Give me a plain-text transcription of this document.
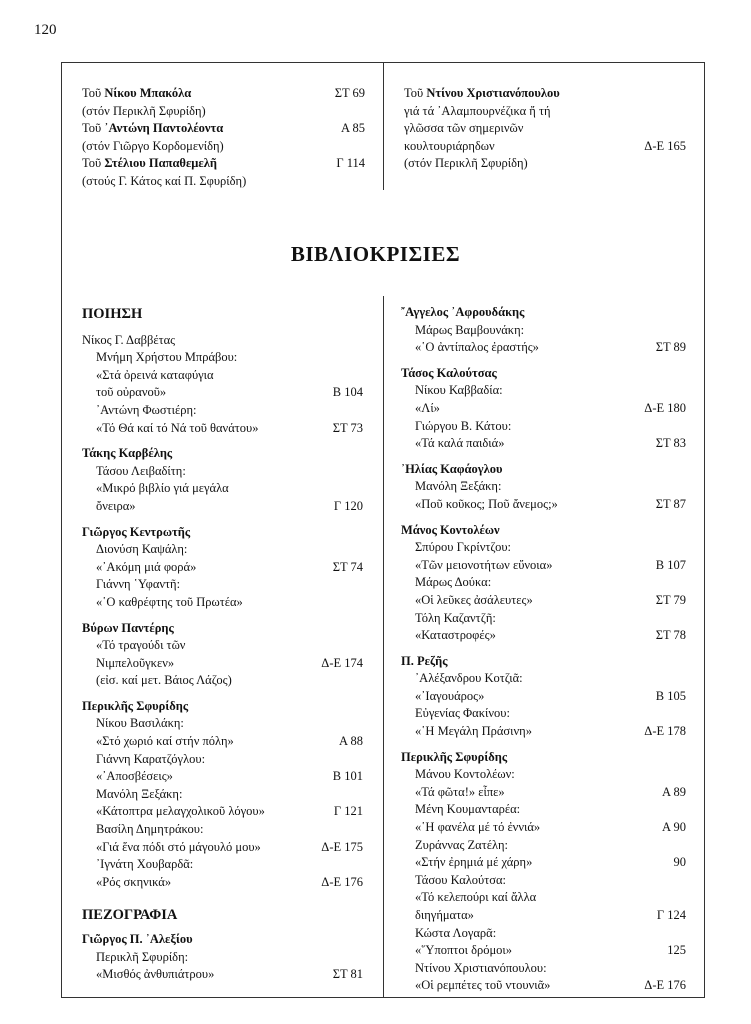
120
Τοῦ Νίκου Μπακόλα	ΣΤ 69
(στόν Περικλῆ Σφυρίδη)
Τοῦ ᾿Αντώνη Παντολέοντα	Α 85
(στόν Γιῶργο Κορδομενίδη)
Τοῦ Στέλιου Παπαθεμελῆ	Γ 114
(στούς Γ. Κάτος καί Π. Σφυρίδη)
Τοῦ Ντίνου Χριστιανόπουλου
γιά τά ᾿Αλαμπουρνέζικα ἤ τή
γλῶσσα τῶν σημερινῶν
κουλτουριάρηδων	Δ-Ε 165
(στόν Περικλῆ Σφυρίδη)
ΒΙΒΛΙΟΚΡΙΣΙΕΣ
ΠΟΙΗΣΗ
Νίκος Γ. Δαββέτας
Μνήμη Χρήστου Μπράβου:
«Στά ὀρεινά καταφύγια
τοῦ οὐρανοῦ»	Β 104
᾿Αντώνη Φωστιέρη:
«Τό Θά καί τό Νά τοῦ θανάτου»	ΣΤ 73
Τάκης Καρβέλης
Τάσου Λειβαδίτη:
«Μικρό βιβλίο γιά μεγάλα
ὄνειρα»	Γ 120
Γιῶργος Κεντρωτῆς
Διονύση Καψάλη:
«᾿Ακόμη μιά φορά»	ΣΤ 74
Γιάννη ῾Υφαντῆ:
«῾Ο καθρέφτης τοῦ Πρωτέα»
Βύρων Παντέρης
«Τό τραγούδι τῶν
Νιμπελοῦγκεν»	Δ-Ε 174
(εἰσ. καί μετ. Βάιος Λάζος)
Περικλῆς Σφυρίδης
Νίκου Βασιλάκη:
«Στό χωριό καί στήν πόλη»	Α 88
Γιάννη Καρατζόγλου:
«᾿Αποσβέσεις»	Β 101
Μανόλη Ξεξάκη:
«Κάτοπτρα μελαγχολικοῦ λόγου»	Γ 121
Βασίλη Δημητράκου:
«Γιά ἕνα πόδι στό μάγουλό μου»	Δ-Ε 175
᾿Ιγνάτη Χουβαρδᾶ:
«Ρός σκηνικά»	Δ-Ε 176
ΠΕΖΟΓΡΑΦΙΑ
Γιῶργος Π. ᾿Αλεξίου
Περικλῆ Σφυρίδη:
«Μισθός ἀνθυπιάτρου»	ΣΤ 81
῎Αγγελος ᾿Αφρουδάκης
Μάρως Βαμβουνάκη:
«῾Ο ἀντίπαλος ἐραστής»	ΣΤ 89
Τάσος Καλούτσας
Νίκου Καββαδία:
«Λί»	Δ-Ε 180
Γιώργου Β. Κάτου:
«Τά καλά παιδιά»	ΣΤ 83
᾿Ηλίας Καφάογλου
Μανόλη Ξεξάκη:
«Ποῦ κοῦκος; Ποῦ ἄνεμος;»	ΣΤ 87
Μάνος Κοντολέων
Σπύρου Γκρίντζου:
«Τῶν μειονοτήτων εὔνοια»	Β 107
Μάρως Δούκα:
«Οἱ λεῦκες ἀσάλευτες»	ΣΤ 79
Τόλη Καζαντζῆ:
«Καταστροφές»	ΣΤ 78
Π. Ρεζῆς
᾿Αλέξανδρου Κοτζιᾶ:
«᾿Ιαγουάρος»	Β 105
Εὐγενίας Φακίνου:
«῾Η Μεγάλη Πράσινη»	Δ-Ε 178
Περικλῆς Σφυρίδης
Μάνου Κοντολέων:
«Τά φῶτα!» εἶπε»	Α 89
Μένη Κουμανταρέα:
«῾Η φανέλα μέ τό ἐννιά»	Α 90
Ζυράννας Ζατέλη:
«Στήν ἐρημιά μέ χάρη»	90
Τάσου Καλούτσα:
«Τό κελεπούρι καί ἄλλα
διηγήματα»	Γ 124
Κώστα Λογαρᾶ:
«῞Υποπτοι δρόμοι»	125
Ντίνου Χριστιανόπουλου:
«Οἱ ρεμπέτες τοῦ ντουνιᾶ»	Δ-Ε 176
